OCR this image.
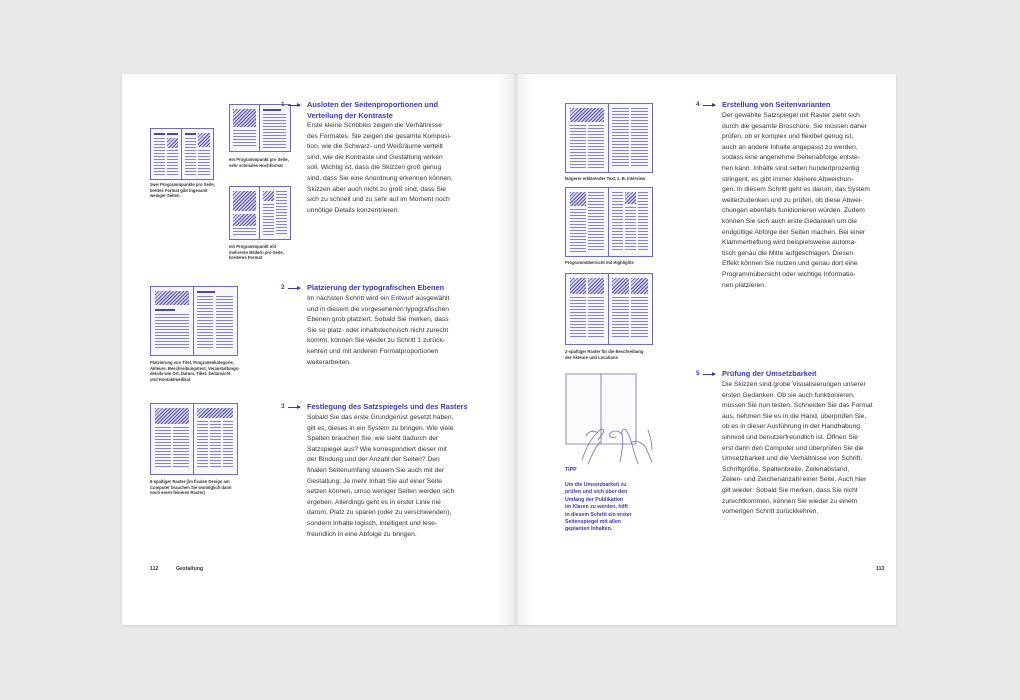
zwei Programmpunkte pro Seite,
breites Format gibt Ingesamt
weniger Seiten
ein Programmpunkt pro Seite,
sehr schmales Hochformat
ein Programmpunkt mit
mehreren Bildern pro Seite,
breiteres Format
Platzierung von Titel, Programmkategorie,
Akteure, Beschreibungstext, Veranstaltungs-
details wie Ort, Datum, Tiket, Zeitansicht
und Kontaktmedikal
6-spaltiger Raster (im fixalen Design am
Computer brauchen Sie womöglich dann
noch einen feineres Raster)
1	Ausloten der Seitenproportionen und
Verteilung der Kontraste
Erste kleine Scribbles zeigen die Verhältnisse
des Formates. Sie zeigen die gesamte Komposi-
tion, wie die Schwarz- und Weißräume verteilt
sind, wie die Kontraste und Gestaltung wirken
soll. Wichtig ist, dass die Skizzen groß genug
sind, dass Sie eine Anordnung erkennen können,
Skizzen aber auch nicht zu groß sind, dass Sie
sich zu schnell und zu sehr auf im Moment noch
unnötige Details konzentrieren.
2	Platzierung der typografischen Ebenen
Im nächsten Schritt wird ein Entwurf ausgewählt
und in diesem die vorgesehenen typografischen
Ebenen grob platziert. Sobald Sie merken, dass
Sie so platz- oder inhaltstechnisch nicht zurecht
kommt, können Sie wieder zu Schritt 1 zurück-
kehren und mit anderen Formatproportionen
weiterarbeiten.
3	Festlegung des Satzspiegels und des Rasters
Sobald Sie das erste Grundgerüst gesetzt haben,
gilt es, dieses in ein System zu bringen. Wie viele
Spalten brauchen Sie, wie sieht dadurch der
Satzspiegel aus? Wie korrespondiert dieser mit
der Bindung und der Anzahl der Seiten? Den
finalen Seitenumfang steuern Sie auch mit der
Gestaltung: Je mehr Inhalt Sie auf einer Seite
setzen können, umso weniger Seiten werden sich
ergeben. Allerdings geht es in erster Linie nie
darum, Platz zu sparen (oder zu verschwenden),
sondern Inhalte logisch, intelligent und lese-
freundlich in eine Abfolge zu bringen.
112	Gestaltung
längerer erklärender Text, z. B. Interview
Programmübersicht mit Highlights
2-spaltiger Raster für die Beschreibung
der Akteure und Locations
TIPP
Um die Umsetzbarkeit zu
prüfen und sich über den
Umfang der Publikation
im Klaren zu werden, hilft
in diesem Schritt ein erster
Seitenspiegel mit allen
geplanten Inhalten.
4	Erstellung von Seitenvarianten
Der gewählte Satzspiegel mit Raster zieht sich
durch die gesamte Broschüre. Sie müssen daher
prüfen, ob er komplex und flexibel genug ist,
auch an andere Inhalte angepasst zu werden,
sodass eine angenehme Seitenabfolge entste-
hen kann. Inhalte sind selten hundertprozentig
stringent, es gibt immer kleinere Abweichun-
gen. In diesem Schritt geht es darum, das System
weiterzudenken und zu prüfen, ob diese Abwei-
chungen ebenfalls funktionieren würden. Zudem
können Sie sich auch erste Gedanken um die
endgültige Abfolge der Seiten machen. Bei einer
Klammerheftung wird beispielsweise automa-
tisch genau die Mitte aufgeschlagen. Diesen
Effekt können Sie nutzen und genau dort eine
Programmübersicht oder wichtige Informatio-
nen platzieren.
5	Prüfung der Umsetzbarkeit
Die Skizzen sind grobe Visualisierungen unserer
ersten Gedanken. Ob sie auch funktionieren,
müssen Sie nun testen. Schneiden Sie das Format
aus, nehmen Sie es in die Hand, überprüfen Sie,
ob es in dieser Ausführung in der Handhabung
sinnvoll und benutzerfreundlich ist. Öffnen Sie
erst dann den Computer und überprüfen Sie die
Umsetzbarkeit und die Verhältnisse von Schrift,
Schriftgröße, Spaltenbreite, Zeilenabstand,
Zeilen- und Zeichenanzahl einer Seite. Auch hier
gilt wieder: Sobald Sie merken, dass Sie nicht
zurechtkommen, können Sie wieder zu einem
vorherigen Schritt zurückkehren.
113
